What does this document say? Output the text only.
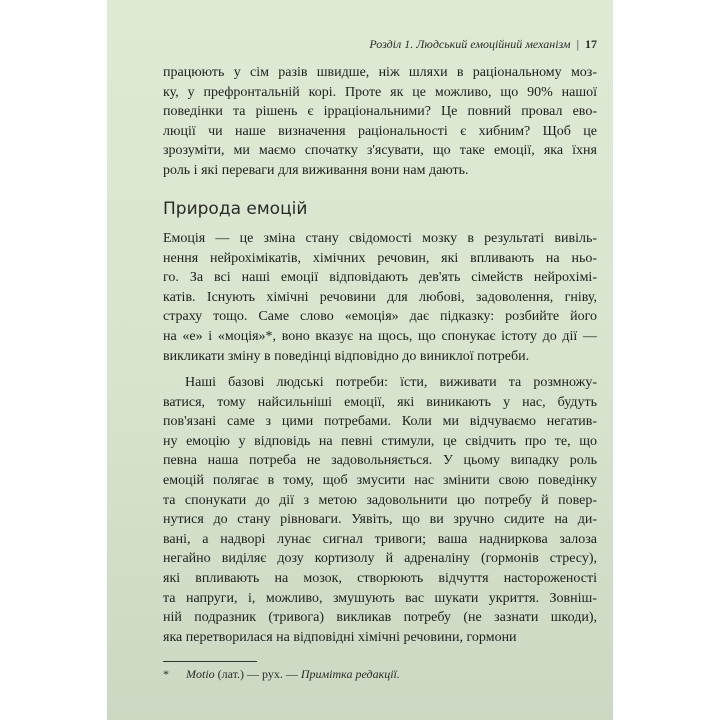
Розділ 1. Людський емоційний механізм | 17
працюють у сім разів швидше, ніж шляхи в раціональному моз-
ку, у префронтальній корі. Проте як це можливо, що 90% нашої
поведінки та рішень є ірраціональними? Це повний провал ево-
люції чи наше визначення раціональності є хибним? Щоб це
зрозуміти, ми маємо спочатку з'ясувати, що таке емоції, яка їхня
роль і які переваги для виживання вони нам дають.
Природа емоцій
Емоція — це зміна стану свідомості мозку в результаті вивіль-
нення нейрохімікатів, хімічних речовин, які впливають на ньо-
го. За всі наші емоції відповідають дев'ять сімейств нейрохімі-
катів. Існують хімічні речовини для любові, задоволення, гніву,
страху тощо. Саме слово «емоція» дає підказку: розбийте його
на «е» і «моція»*, воно вказує на щось, що спонукає істоту до дії —
викликати зміну в поведінці відповідно до виниклої потреби.
Наші базові людські потреби: їсти, виживати та розмножу-
ватися, тому найсильніші емоції, які виникають у нас, будуть
пов'язані саме з цими потребами. Коли ми відчуваємо негатив-
ну емоцію у відповідь на певні стимули, це свідчить про те, що
певна наша потреба не задовольняється. У цьому випадку роль
емоцій полягає в тому, щоб змусити нас змінити свою поведінку
та спонукати до дії з метою задовольнити цю потребу й повер-
нутися до стану рівноваги. Уявіть, що ви зручно сидите на ди-
вані, а надворі лунає сигнал тривоги; ваша надниркова залоза
негайно виділяє дозу кортизолу й адреналіну (гормонів стресу),
які впливають на мозок, створюють відчуття настороженості
та напруги, і, можливо, змушують вас шукати укриття. Зовніш-
ній подразник (тривога) викликав потребу (не зазнати шкоди),
яка перетворилася на відповідні хімічні речовини, гормони
* Motio (лат.) — рух. — Примітка редакції.
